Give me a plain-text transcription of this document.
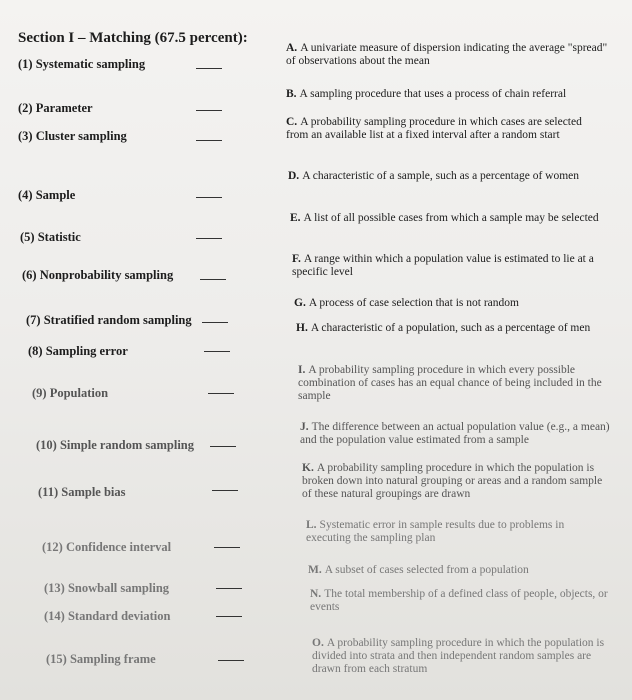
Section I – Matching (67.5 percent):
(1) Systematic sampling
(2) Parameter
(3) Cluster sampling
(4) Sample
(5) Statistic
(6) Nonprobability sampling
(7) Stratified random sampling
(8) Sampling error
(9) Population
(10) Simple random sampling
(11) Sample bias
(12) Confidence interval
(13) Snowball sampling
(14) Standard deviation
(15) Sampling frame
A. A univariate measure of dispersion indicating the average "spread" of observations about the mean
B. A sampling procedure that uses a process of chain referral
C. A probability sampling procedure in which cases are selected from an available list at a fixed interval after a random start
D. A characteristic of a sample, such as a percentage of women
E. A list of all possible cases from which a sample may be selected
F. A range within which a population value is estimated to lie at a specific level
G. A process of case selection that is not random
H. A characteristic of a population, such as a percentage of men
I. A probability sampling procedure in which every possible combination of cases has an equal chance of being included in the sample
J. The difference between an actual population value (e.g., a mean) and the population value estimated from a sample
K. A probability sampling procedure in which the population is broken down into natural grouping or areas and a random sample of these natural groupings are drawn
L. Systematic error in sample results due to problems in executing the sampling plan
M. A subset of cases selected from a population
N. The total membership of a defined class of people, objects, or events
O. A probability sampling procedure in which the population is divided into strata and then independent random samples are drawn from each stratum
